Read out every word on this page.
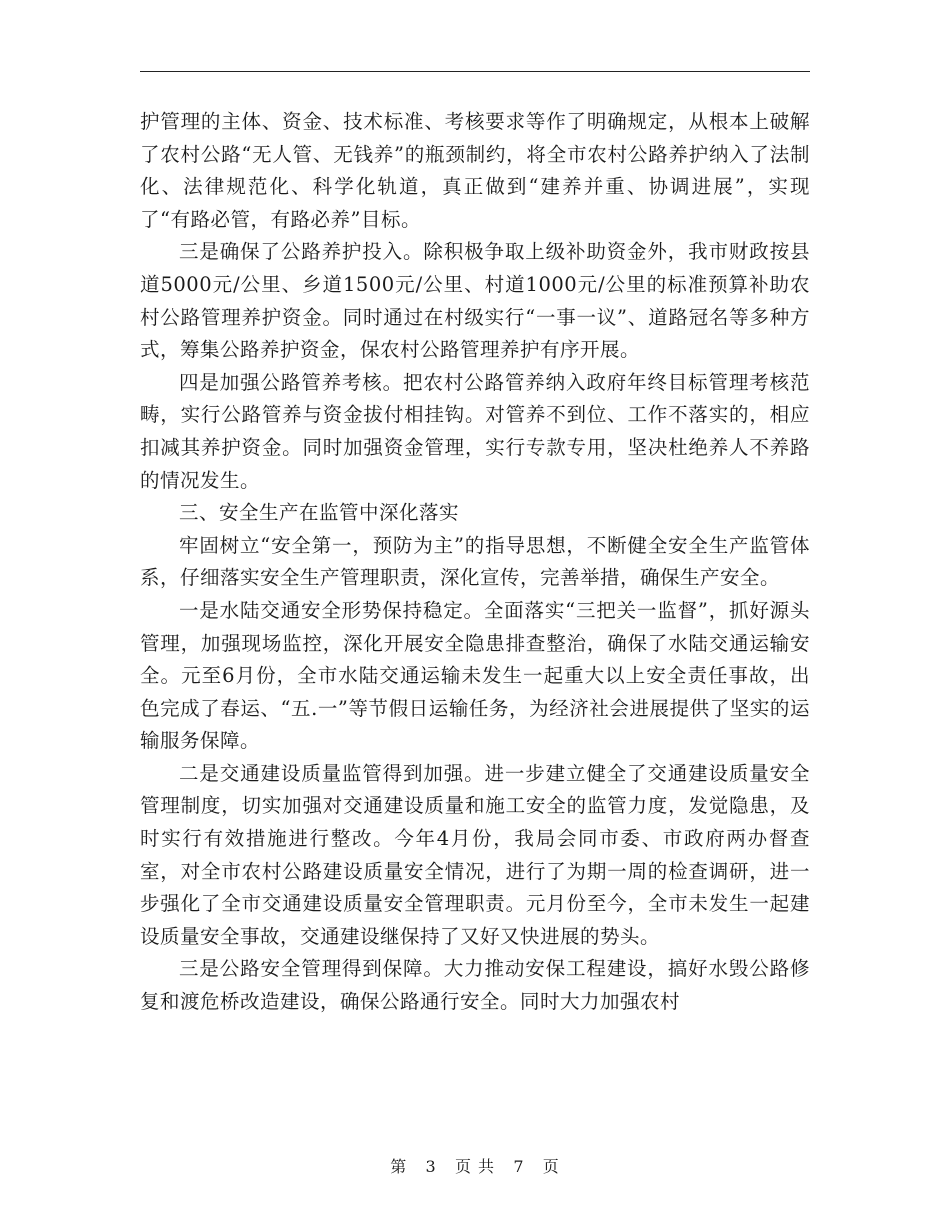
护管理的主体、资金、技术标准、考核要求等作了明确规定，从根本上破解了农村公路“无人管、无钱养”的瓶颈制约，将全市农村公路养护纳入了法制化、法律规范化、科学化轨道，真正做到“建养并重、协调进展”，实现了“有路必管，有路必养”目标。

三是确保了公路养护投入。除积极争取上级补助资金外，我市财政按县道5000元/公里、乡道1500元/公里、村道1000元/公里的标准预算补助农村公路管理养护资金。同时通过在村级实行“一事一议”、道路冠名等多种方式，筹集公路养护资金，保农村公路管理养护有序开展。

四是加强公路管养考核。把农村公路管养纳入政府年终目标管理考核范畴，实行公路管养与资金拔付相挂钩。对管养不到位、工作不落实的，相应扣减其养护资金。同时加强资金管理，实行专款专用，坚决杜绝养人不养路的情况发生。

三、安全生产在监管中深化落实

牢固树立“安全第一，预防为主”的指导思想，不断健全安全生产监管体系，仔细落实安全生产管理职责，深化宣传，完善举措，确保生产安全。

一是水陆交通安全形势保持稳定。全面落实“三把关一监督”，抓好源头管理，加强现场监控，深化开展安全隐患排查整治，确保了水陆交通运输安全。元至6月份，全市水陆交通运输未发生一起重大以上安全责任事故，出色完成了春运、“五.一”等节假日运输任务，为经济社会进展提供了坚实的运输服务保障。

二是交通建设质量监管得到加强。进一步建立健全了交通建设质量安全管理制度，切实加强对交通建设质量和施工安全的监管力度，发觉隐患，及时实行有效措施进行整改。今年4月份，我局会同市委、市政府两办督查室，对全市农村公路建设质量安全情况，进行了为期一周的检查调研，进一步强化了全市交通建设质量安全管理职责。元月份至今，全市未发生一起建设质量安全事故，交通建设继保持了又好又快进展的势头。

三是公路安全管理得到保障。大力推动安保工程建设，搞好水毁公路修复和渡危桥改造建设，确保公路通行安全。同时大力加强农村

第 3 页 共 7 页
